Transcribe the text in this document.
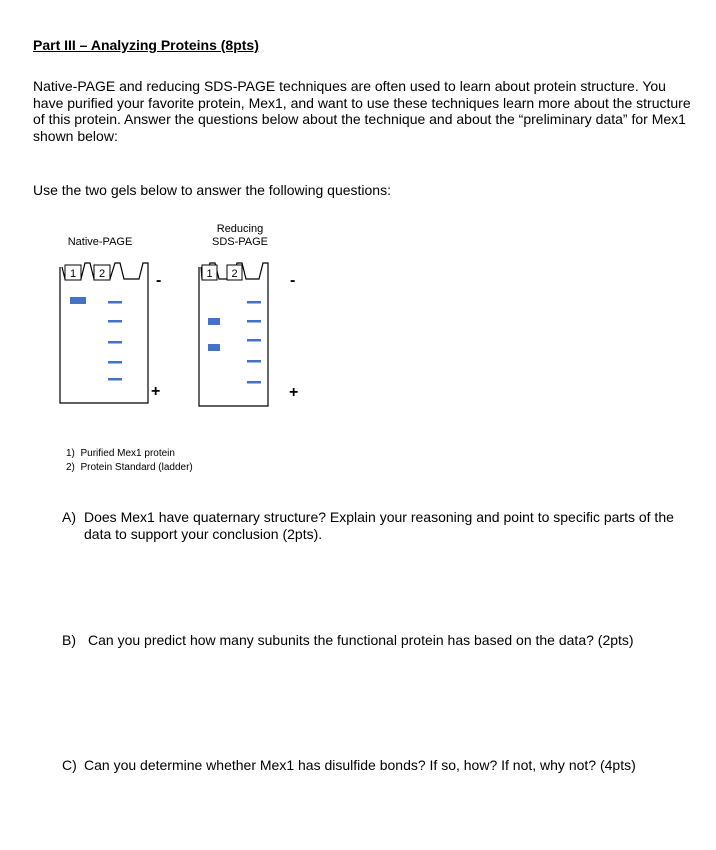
Part III – Analyzing Proteins (8pts)
Native-PAGE and reducing SDS-PAGE techniques are often used to learn about protein structure. You have purified your favorite protein, Mex1, and want to use these techniques learn more about the structure of this protein. Answer the questions below about the technique and about the “preliminary data” for Mex1 shown below:
Use the two gels below to answer the following questions:
Native-PAGE
1 2	-
+
Reducing
SDS-PAGE
1 2	-
+
1) Purified Mex1 protein
2) Protein Standard (ladder)
A) Does Mex1 have quaternary structure? Explain your reasoning and point to specific parts of the data to support your conclusion (2pts).
B) Can you predict how many subunits the functional protein has based on the data? (2pts)
C) Can you determine whether Mex1 has disulfide bonds? If so, how? If not, why not? (4pts)
